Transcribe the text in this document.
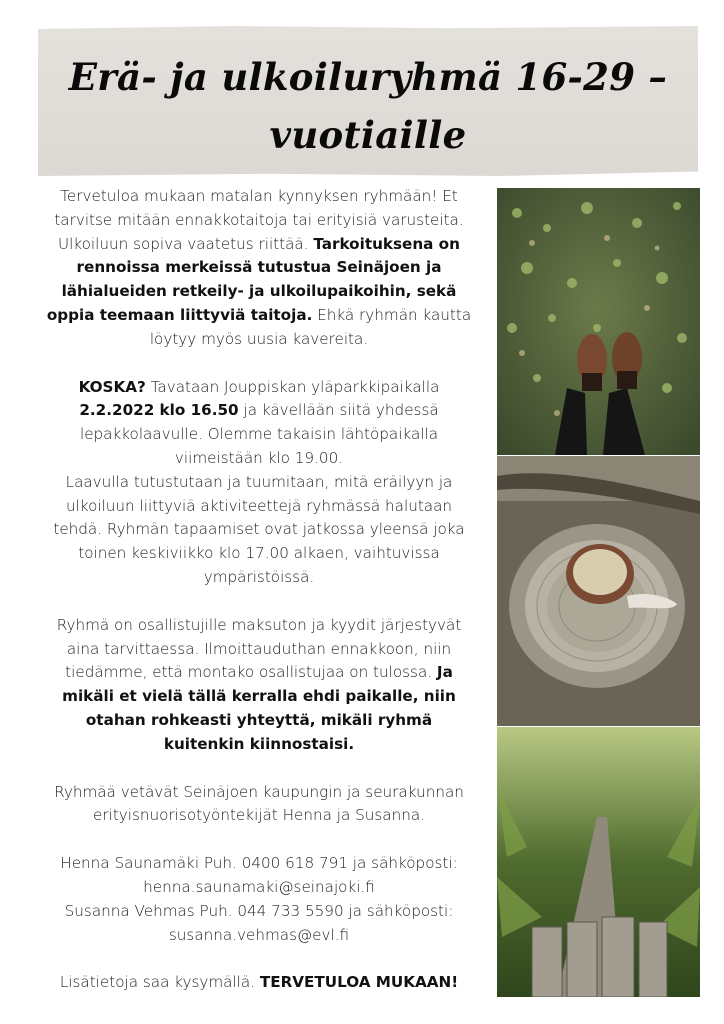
Erä- ja ulkoiluryhmä 16-29 –
vuotiaille

Tervetuloa mukaan matalan kynnyksen ryhmään! Et tarvitse mitään ennakkotaitoja tai erityisiä varusteita. Ulkoiluun sopiva vaatetus riittää. Tarkoituksena on rennoissa merkeissä tutustua Seinäjoen ja lähialueiden retkeily- ja ulkoilupaikoihin, sekä oppia teemaan liittyviä taitoja. Ehkä ryhmän kautta löytyy myös uusia kavereita.

KOSKA? Tavataan Jouppiskan yläparkkipaikalla 2.2.2022 klo 16.50 ja kävellään siitä yhdessä lepakkolaavulle. Olemme takaisin lähtöpaikalla viimeistään klo 19.00.

Laavulla tutustutaan ja tuumitaan, mitä eräilyyn ja ulkoiluun liittyviä aktiviteettejä ryhmässä halutaan tehdä. Ryhmän tapaamiset ovat jatkossa yleensä joka toinen keskiviikko klo 17.00 alkaen, vaihtuvissa ympäristöissä.

Ryhmä on osallistujille maksuton ja kyydit järjestyvät aina tarvittaessa. Ilmoittauduthan ennakkoon, niin tiedämme, että montako osallistujaa on tulossa. Ja mikäli et vielä tällä kerralla ehdi paikalle, niin otahan rohkeasti yhteyttä, mikäli ryhmä kuitenkin kiinnostaisi.

Ryhmää vetävät Seinäjoen kaupungin ja seurakunnan erityisnuorisotyöntekijät Henna ja Susanna.

Henna Saunamäki Puh. 0400 618 791 ja sähköposti:
henna.saunamaki@seinajoki.fi
Susanna Vehmas Puh. 044 733 5590 ja sähköposti:
susanna.vehmas@evl.fi

Lisätietoja saa kysymällä. TERVETULOA MUKAAN!
